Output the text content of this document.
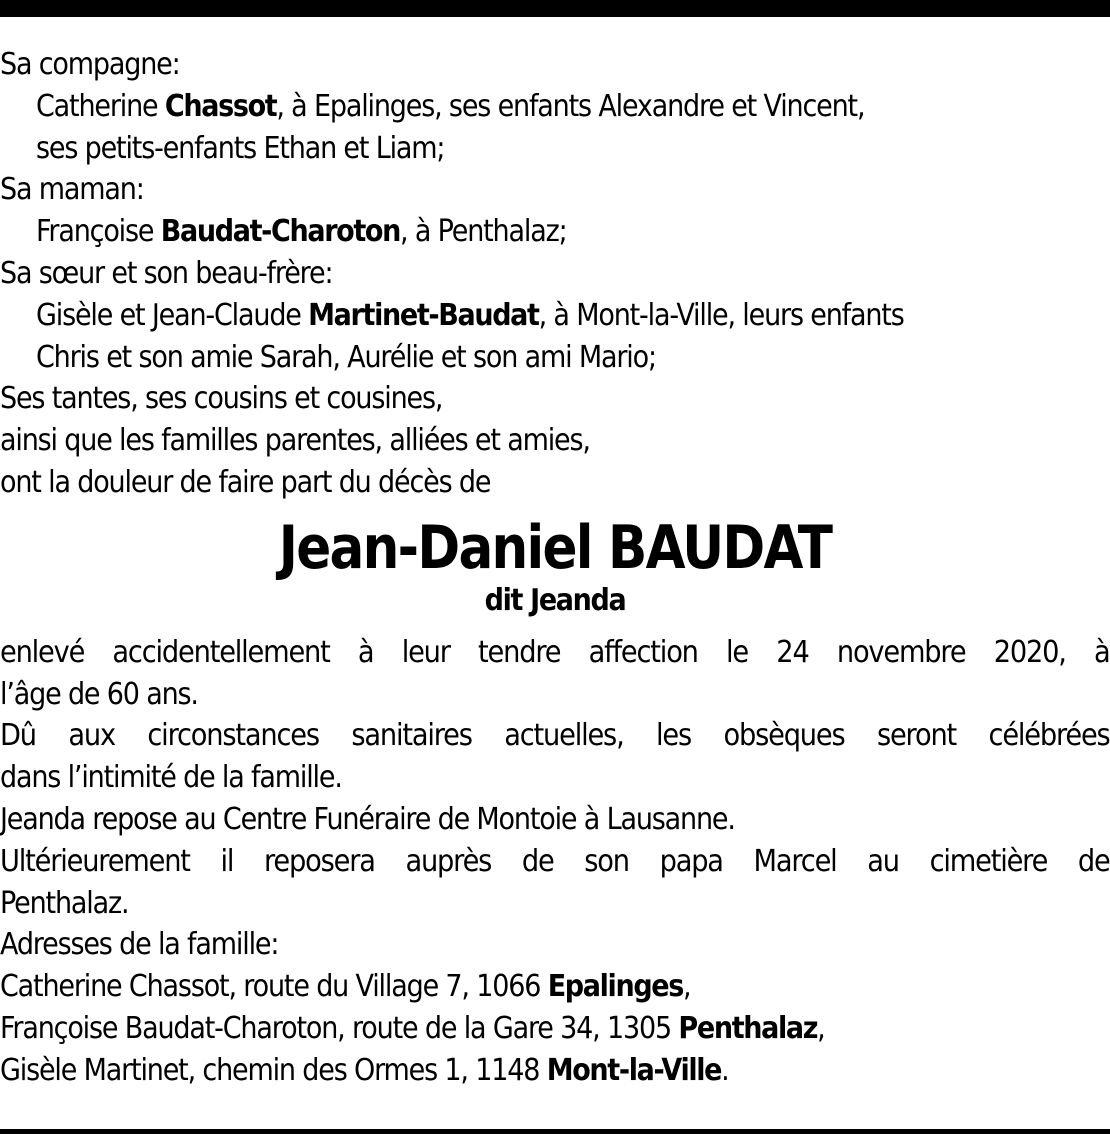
Sa compagne:
Catherine Chassot, à Epalinges, ses enfants Alexandre et Vincent,
ses petits-enfants Ethan et Liam;
Sa maman:
Françoise Baudat-Charoton, à Penthalaz;
Sa sœur et son beau-frère:
Gisèle et Jean-Claude Martinet-Baudat, à Mont-la-Ville, leurs enfants
Chris et son amie Sarah, Aurélie et son ami Mario;
Ses tantes, ses cousins et cousines,
ainsi que les familles parentes, alliées et amies,
ont la douleur de faire part du décès de
Jean-Daniel BAUDAT
dit Jeanda
enlevé accidentellement à leur tendre affection le 24 novembre 2020, à
l’âge de 60 ans.
Dû aux circonstances sanitaires actuelles, les obsèques seront célébrées
dans l’intimité de la famille.
Jeanda repose au Centre Funéraire de Montoie à Lausanne.
Ultérieurement il reposera auprès de son papa Marcel au cimetière de
Penthalaz.
Adresses de la famille:
Catherine Chassot, route du Village 7, 1066 Epalinges,
Françoise Baudat-Charoton, route de la Gare 34, 1305 Penthalaz,
Gisèle Martinet, chemin des Ormes 1, 1148 Mont-la-Ville.
